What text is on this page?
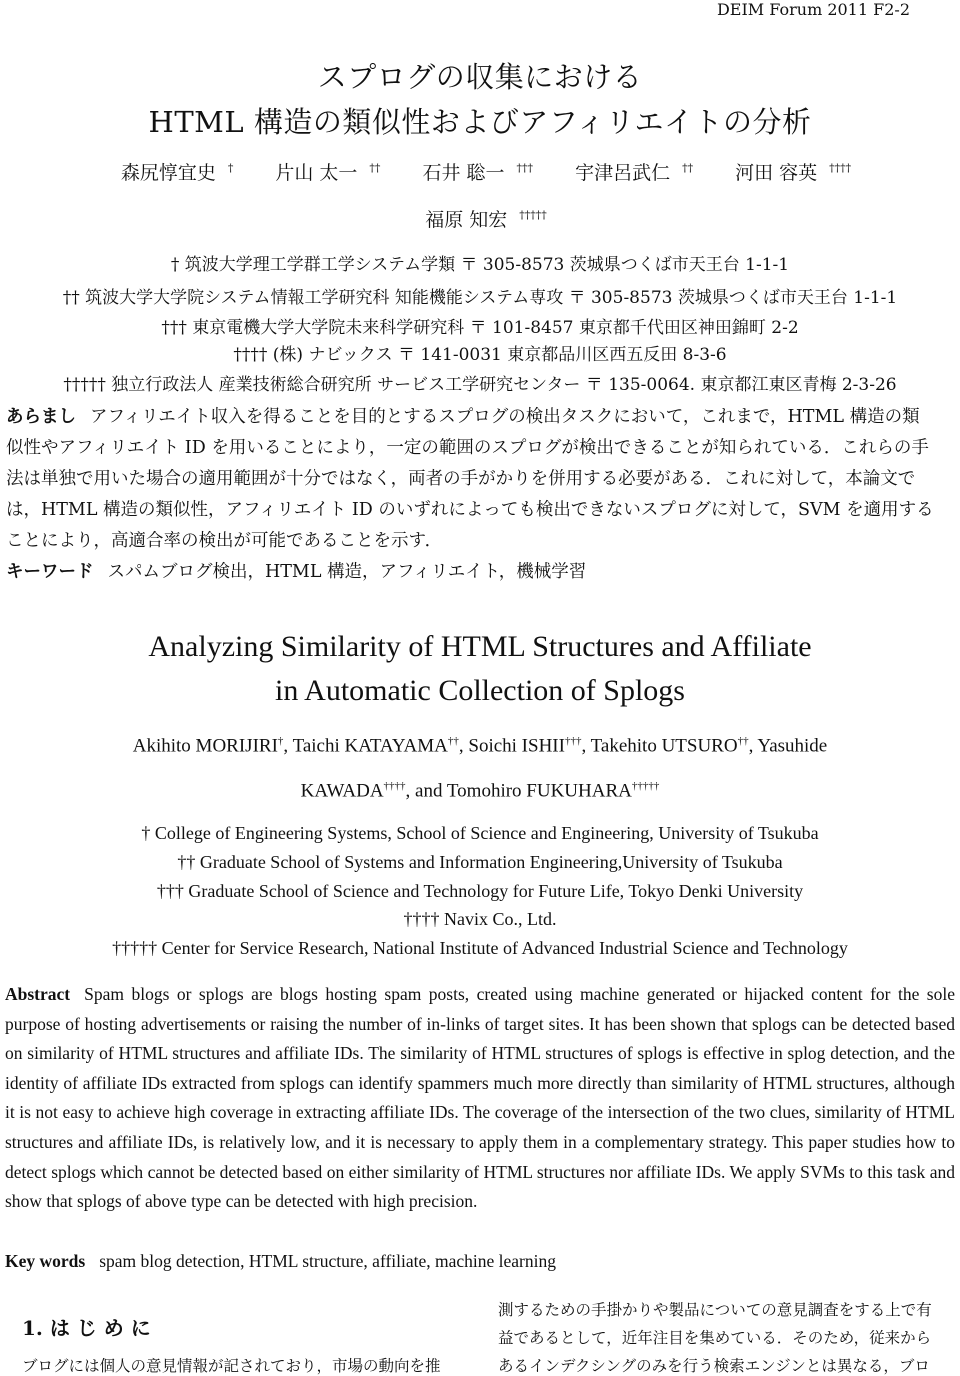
DEIM Forum 2011 F2-2
スプログの収集における
HTML 構造の類似性およびアフィリエイトの分析
森尻惇宜史 † 片山 太一 †† 石井 聡一 ††† 宇津呂武仁 †† 河田 容英 ††††
福原 知宏 †††††
† 筑波大学理工学群工学システム学類 〒 305-8573 茨城県つくば市天王台 1-1-1
†† 筑波大学大学院システム情報工学研究科 知能機能システム専攻 〒 305-8573 茨城県つくば市天王台 1-1-1
††† 東京電機大学大学院未来科学研究科 〒 101-8457 東京都千代田区神田錦町 2-2
†††† (株) ナビックス 〒 141-0031 東京都品川区西五反田 8-3-6
††††† 独立行政法人 産業技術総合研究所 サービス工学研究センター 〒 135-0064. 東京都江東区青梅 2-3-26
あらまし アフィリエイト収入を得ることを目的とするスプログの検出タスクにおいて，これまで，HTML 構造の類
似性やアフィリエイト ID を用いることにより，一定の範囲のスプログが検出できることが知られている．これらの手
法は単独で用いた場合の適用範囲が十分ではなく，両者の手がかりを併用する必要がある．これに対して，本論文で
は，HTML 構造の類似性，アフィリエイト ID のいずれによっても検出できないスプログに対して，SVM を適用する
ことにより，高適合率の検出が可能であることを示す．
キーワード スパムブログ検出，HTML 構造，アフィリエイト，機械学習
Analyzing Similarity of HTML Structures and Affiliate
in Automatic Collection of Splogs
Akihito MORIJIRI†, Taichi KATAYAMA††, Soichi ISHII†††, Takehito UTSURO††, Yasuhide
KAWADA††††, and Tomohiro FUKUHARA†††††
† College of Engineering Systems, School of Science and Engineering, University of Tsukuba
†† Graduate School of Systems and Information Engineering,University of Tsukuba
††† Graduate School of Science and Technology for Future Life, Tokyo Denki University
†††† Navix Co., Ltd.
††††† Center for Service Research, National Institute of Advanced Industrial Science and Technology
Abstract Spam blogs or splogs are blogs hosting spam posts, created using machine generated or hijacked content for the sole purpose of hosting advertisements or raising the number of in-links of target sites. It has been shown that splogs can be detected based on similarity of HTML structures and affiliate IDs. The similarity of HTML structures of splogs is effective in splog detection, and the identity of affiliate IDs extracted from splogs can identify spammers much more directly than similarity of HTML structures, although it is not easy to achieve high coverage in extracting affiliate IDs. The coverage of the intersection of the two clues, similarity of HTML structures and affiliate IDs, is relatively low, and it is necessary to apply them in a complementary strategy. This paper studies how to detect splogs which cannot be detected based on either similarity of HTML structures nor affiliate IDs. We apply SVMs to this task and show that splogs of above type can be detected with high precision.
Key words spam blog detection, HTML structure, affiliate, machine learning
1. は じ め に
ブログには個人の意見情報が記されており，市場の動向を推
測するための手掛かりや製品についての意見調査をする上で有
益であるとして，近年注目を集めている．そのため，従来から
あるインデクシングのみを行う検索エンジンとは異なる，ブロ
